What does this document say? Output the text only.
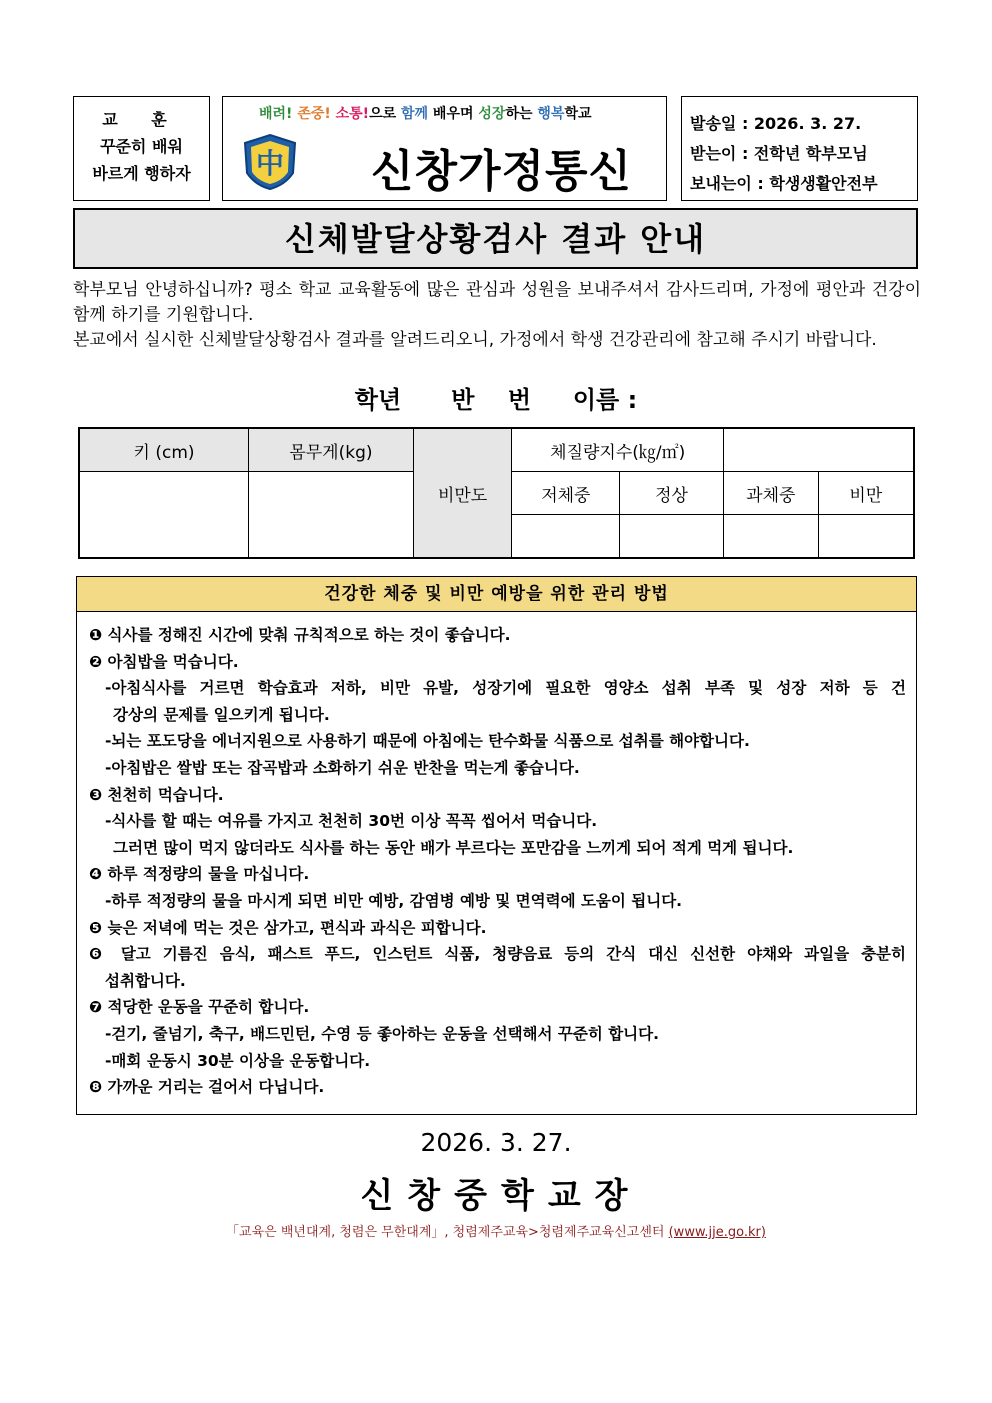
교 훈
꾸준히 배워
바르게 행하자
배려! 존중! 소통!으로 함께 배우며 성장하는 행복학교
中 신창가정통신
발송일 : 2026. 3. 27.
받는이 : 전학년 학부모님
보내는이 : 학생생활안전부
신체발달상황검사 결과 안내

학부모님 안녕하십니까? 평소 학교 교육활동에 많은 관심과 성원을 보내주셔서 감사드리며, 가정에 평안과 건강이 함께 하기를 기원합니다.

본교에서 실시한 신체발달상황검사 결과를 알려드리오니, 가정에서 학생 건강관리에 참고해 주시기 바랍니다.

학년      반    번     이름 :
키 (cm)	몸무게(kg)	비만도	체질량지수(㎏/㎡)			
			저체중	정상	과체중	비만

건강한 체중 및 비만 예방을 위한 관리 방법
❶ 식사를 정해진 시간에 맞춰 규칙적으로 하는 것이 좋습니다.
❷ 아침밥을 먹습니다.
-아침식사를 거르면 학습효과 저하, 비만 유발, 성장기에 필요한 영양소 섭취 부족 및 성장 저하 등 건
강상의 문제를 일으키게 됩니다.
-뇌는 포도당을 에너지원으로 사용하기 때문에 아침에는 탄수화물 식품으로 섭취를 해야합니다.
-아침밥은 쌀밥 또는 잡곡밥과 소화하기 쉬운 반찬을 먹는게 좋습니다.
❸ 천천히 먹습니다.
-식사를 할 때는 여유를 가지고 천천히 30번 이상 꼭꼭 씹어서 먹습니다.
그러면 많이 먹지 않더라도 식사를 하는 동안 배가 부르다는 포만감을 느끼게 되어 적게 먹게 됩니다.
❹ 하루 적정량의 물을 마십니다.
-하루 적정량의 물을 마시게 되면 비만 예방, 감염병 예방 및 면역력에 도움이 됩니다.
❺ 늦은 저녁에 먹는 것은 삼가고, 편식과 과식은 피합니다.
❻ 달고 기름진 음식, 패스트 푸드, 인스턴트 식품, 청량음료 등의 간식 대신 신선한 야채와 과일을 충분히
섭취합니다.
❼ 적당한 운동을 꾸준히 합니다.
-걷기, 줄넘기, 축구, 배드민턴, 수영 등 좋아하는 운동을 선택해서 꾸준히 합니다.
-매회 운동시 30분 이상을 운동합니다.
❽ 가까운 거리는 걸어서 다닙니다.
2026. 3. 27.
신창중학교장
「교육은 백년대계, 청렴은 무한대계」, 청렴제주교육>청렴제주교육신고센터 (www.jje.go.kr)
